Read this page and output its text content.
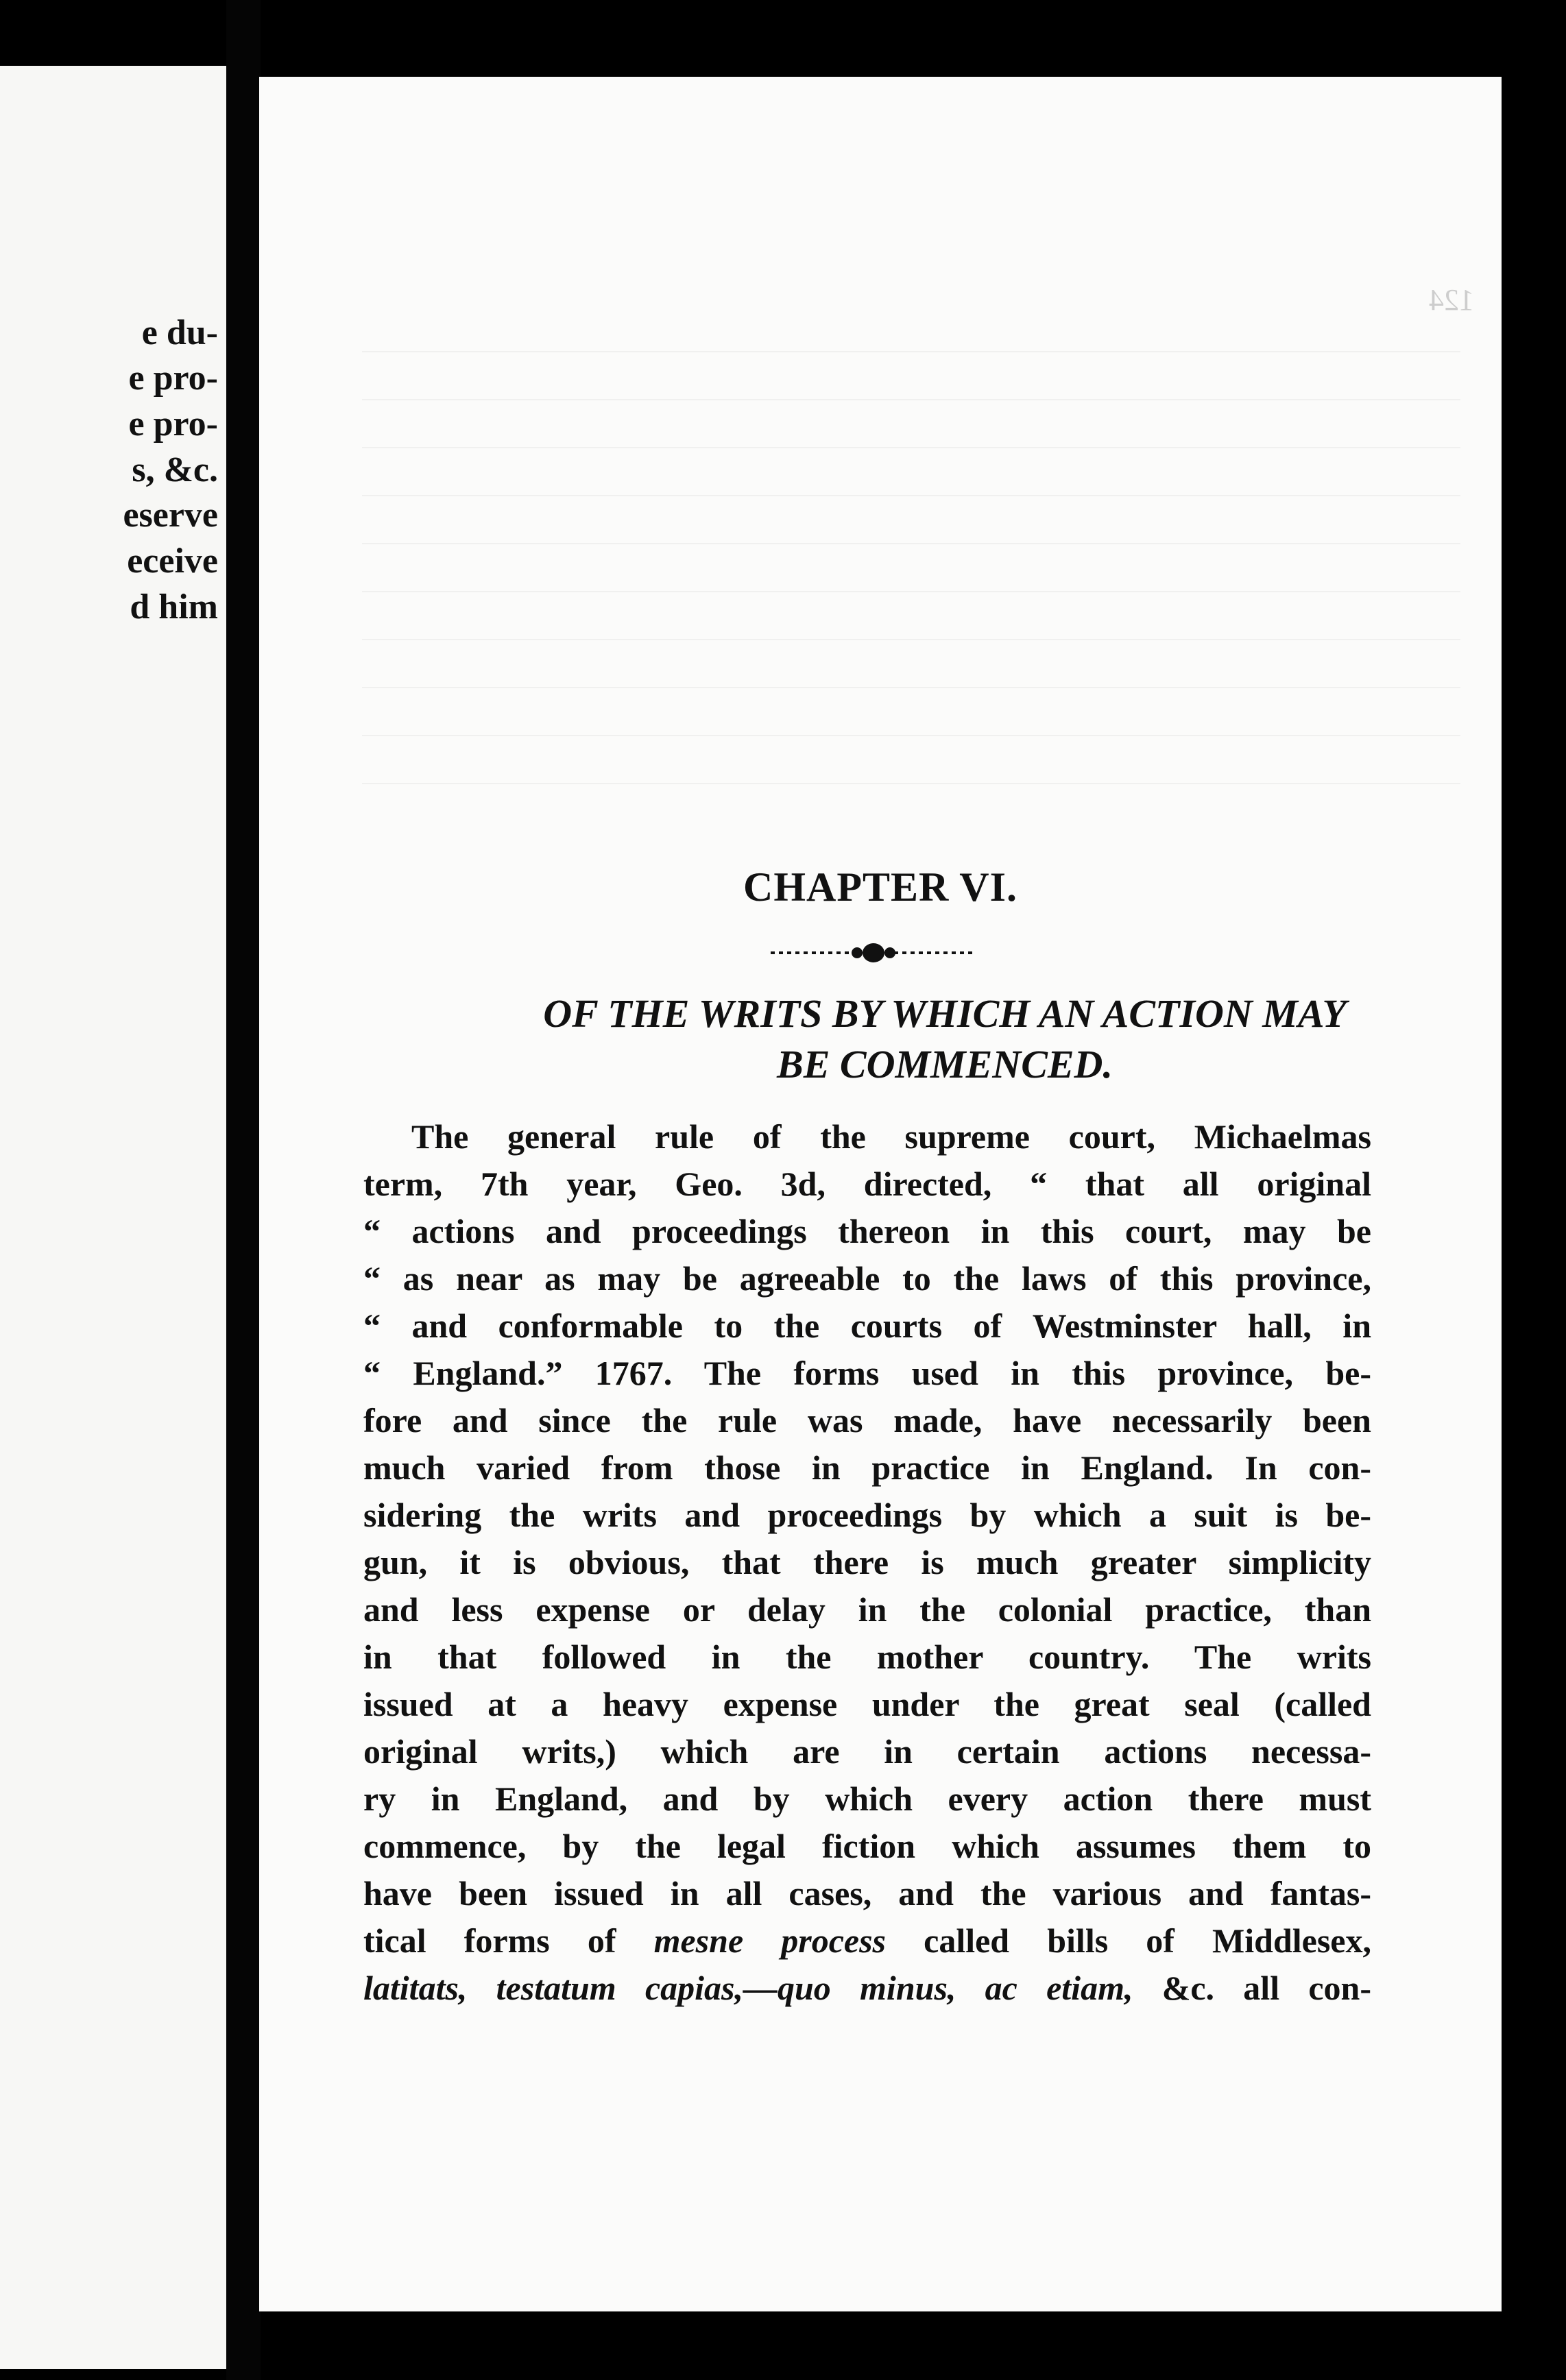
e du-
e pro-
e pro-
s, &c.
eserve
eceive
d him
124
CHAPTER VI.
OF THE WRITS BY WHICH AN ACTION MAY
BE COMMENCED.
The general rule of the supreme court, Michaelmas
term, 7th year, Geo. 3d, directed, “ that all original
“ actions and proceedings thereon in this court, may be
“ as near as may be agreeable to the laws of this province,
“ and conformable to the courts of Westminster hall, in
“ England.” 1767. The forms used in this province, be-
fore and since the rule was made, have necessarily been
much varied from those in practice in England. In con-
sidering the writs and proceedings by which a suit is be-
gun, it is obvious, that there is much greater simplicity
and less expense or delay in the colonial practice, than
in that followed in the mother country. The writs
issued at a heavy expense under the great seal (called
original writs,) which are in certain actions necessa-
ry in England, and by which every action there must
commence, by the legal fiction which assumes them to
have been issued in all cases, and the various and fantas-
tical forms of mesne process called bills of Middlesex,
latitats, testatum capias,—quo minus, ac etiam, &c. all con-
